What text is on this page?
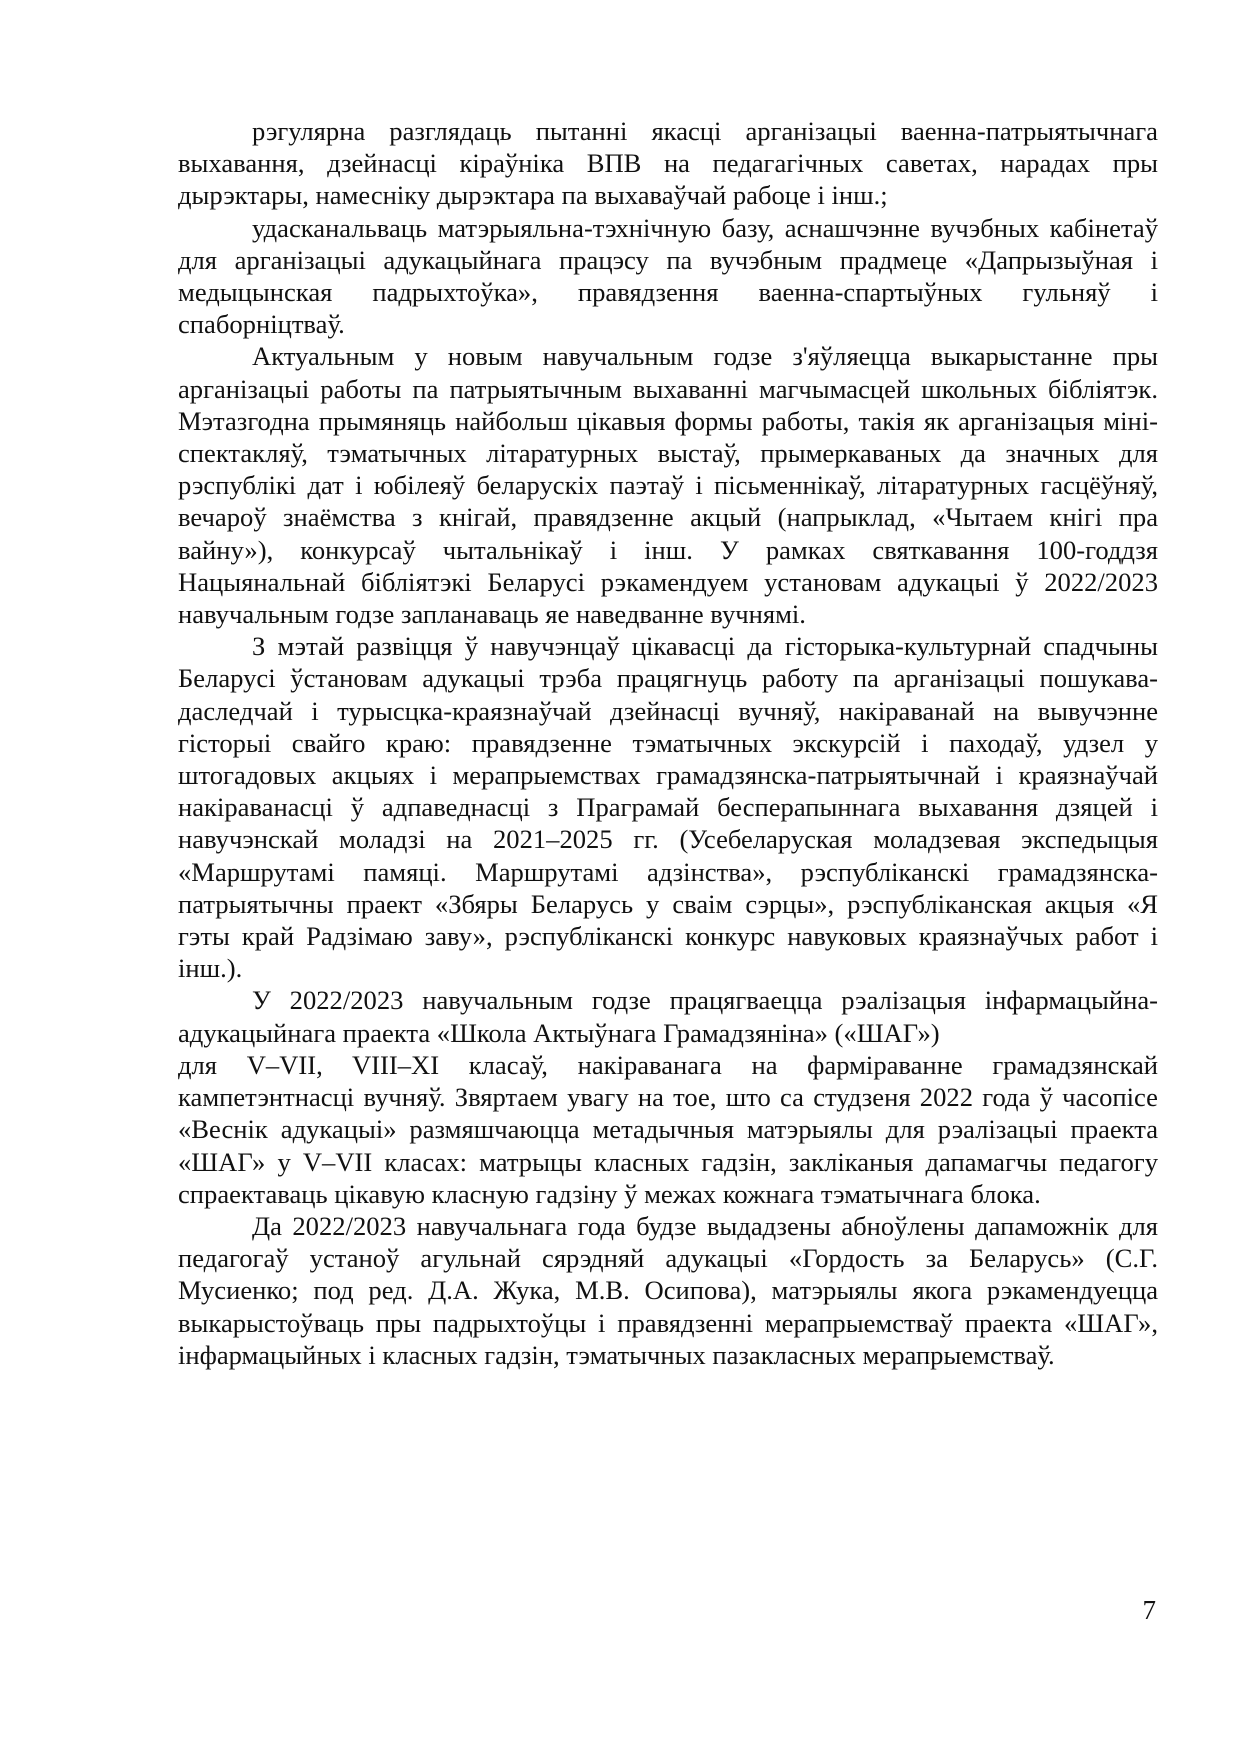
рэгулярна разглядаць пытанні якасці арганізацыі ваенна-патрыятычнага выхавання, дзейнасці кіраўніка ВПВ на педагагічных саветах, нарадах пры дырэктары, намесніку дырэктара па выхаваўчай рабоце і інш.;

удасканальваць матэрыяльна-тэхнічную базу, аснашчэнне вучэбных кабінетаў для арганізацыі адукацыйнага працэсу па вучэбным прадмеце «Дапрызыўная і медыцынская падрыхтоўка», правядзення ваенна-спартыўных гульняў і спаборніцтваў.

Актуальным у новым навучальным годзе з'яўляецца выкарыстанне пры арганізацыі работы па патрыятычным выхаванні магчымасцей школьных бібліятэк. Мэтазгодна прымяняць найбольш цікавыя формы работы, такія як арганізацыя міні-спектакляў, тэматычных літаратурных выстаў, прымеркаваных да значных для рэспублікі дат і юбілеяў беларускіх паэтаў і пісьменнікаў, літаратурных гасцёўняў, вечароў знаёмства з кнігай, правядзенне акцый (напрыклад, «Чытаем кнігі пра вайну»), конкурсаў чытальнікаў і інш. У рамках святкавання 100-годдзя Нацыянальнай бібліятэкі Беларусі рэкамендуем установам адукацыі ў 2022/2023 навучальным годзе запланаваць яе наведванне вучнямі.

З мэтай развіцця ў навучэнцаў цікавасці да гісторыка-культурнай спадчыны Беларусі ўстановам адукацыі трэба працягнуць работу па арганізацыі пошукава-даследчай і турысцка-краязнаўчай дзейнасці вучняў, накіраванай на вывучэнне гісторыі свайго краю: правядзенне тэматычных экскурсій і паходаў, удзел у штогадовых акцыях і мерапрыемствах грамадзянска-патрыятычнай і краязнаўчай накіраванасці ў адпаведнасці з Праграмай бесперапыннага выхавання дзяцей і навучэнскай моладзі на 2021–2025 гг. (Усебеларуская моладзевая экспедыцыя «Маршрутамі памяці. Маршрутамі адзінства», рэспубліканскі грамадзянска-патрыятычны праект «Збяры Беларусь у сваім сэрцы», рэспубліканская акцыя «Я гэты край Радзімаю заву», рэспубліканскі конкурс навуковых краязнаўчых работ і інш.).

У 2022/2023 навучальным годзе працягваецца рэалізацыя інфармацыйна-адукацыйнага праекта «Школа Актыўнага Грамадзяніна» («ШАГ»)

для V–VII, VIII–XI класаў, накіраванага на фарміраванне грамадзянскай кампетэнтнасці вучняў. Звяртаем увагу на тое, што са студзеня 2022 года ў часопісе «Веснік адукацыі» размяшчаюцца метадычныя матэрыялы для рэалізацыі праекта «ШАГ» у V–VII класах: матрыцы класных гадзін, закліканыя дапамагчы педагогу спраектаваць цікавую класную гадзіну ў межах кожнага тэматычнага блока.

Да 2022/2023 навучальнага года будзе выдадзены абноўлены дапаможнік для педагогаў устаноў агульнай сярэдняй адукацыі «Гордость за Беларусь» (С.Г. Мусиенко; под ред. Д.А. Жука, М.В. Осипова), матэрыялы якога рэкамендуецца выкарыстоўваць пры падрыхтоўцы і правядзенні мерапрыемстваў праекта «ШАГ», інфармацыйных і класных гадзін, тэматычных пазакласных мерапрыемстваў.

7
